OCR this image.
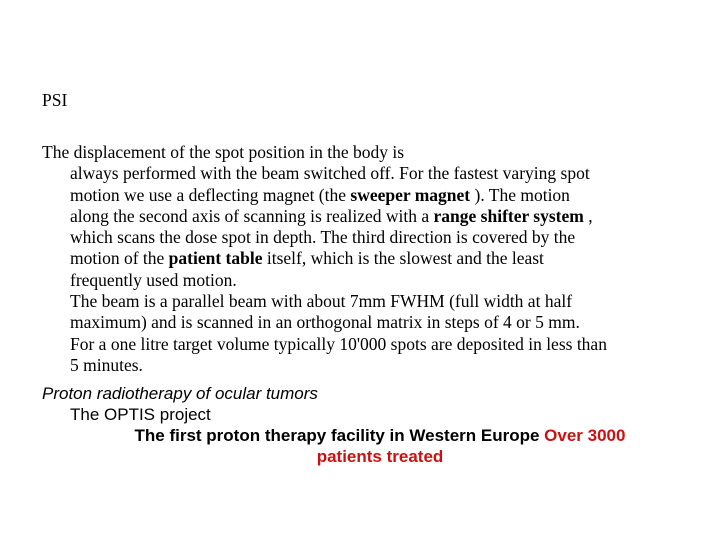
PSI
The displacement of the spot position in the body is
always performed with the beam switched off. For the fastest varying spot
motion we use a deflecting magnet (the sweeper magnet ). The motion
along the second axis of scanning is realized with a range shifter system ,
which scans the dose spot in depth. The third direction is covered by the
motion of the patient table itself, which is the slowest and the least
frequently used motion.
The beam is a parallel beam with about 7mm FWHM (full width at half
maximum) and is scanned in an orthogonal matrix in steps of 4 or 5 mm.
For a one litre target volume typically 10'000 spots are deposited in less than
5 minutes.
Proton radiotherapy of ocular tumors
The OPTIS project
The first proton therapy facility in Western Europe Over 3000
patients treated
